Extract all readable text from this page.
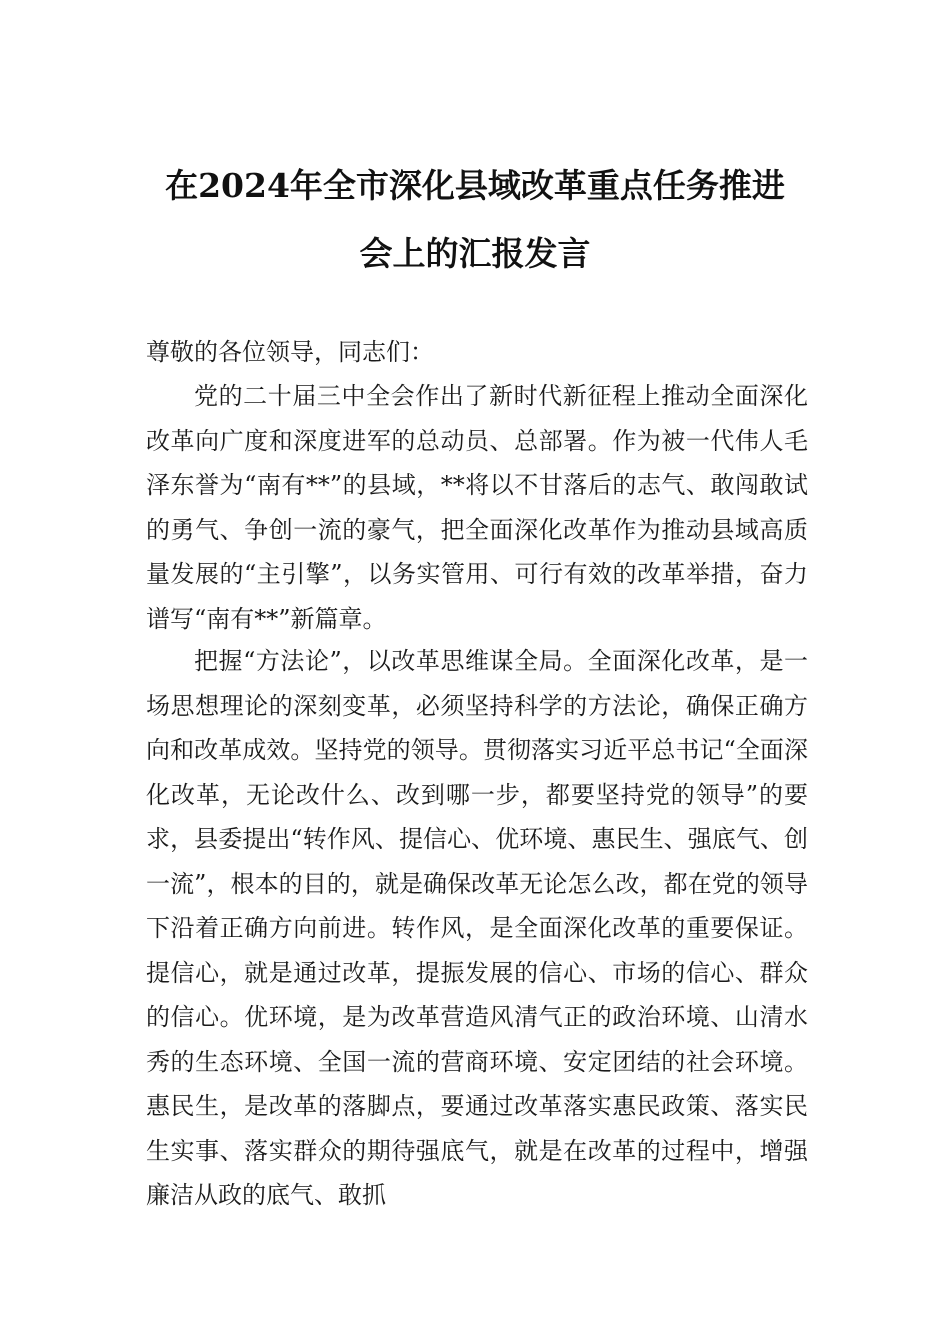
在2024年全市深化县域改革重点任务推进
会上的汇报发言
尊敬的各位领导，同志们：
党的二十届三中全会作出了新时代新征程上推动全面深化改革向广度和深度进军的总动员、总部署。作为被一代伟人毛泽东誉为“南有**”的县域，**将以不甘落后的志气、敢闯敢试的勇气、争创一流的豪气，把全面深化改革作为推动县域高质量发展的“主引擎”，以务实管用、可行有效的改革举措，奋力谱写“南有**”新篇章。
把握“方法论”，以改革思维谋全局。全面深化改革，是一场思想理论的深刻变革，必须坚持科学的方法论，确保正确方向和改革成效。坚持党的领导。贯彻落实习近平总书记“全面深化改革，无论改什么、改到哪一步，都要坚持党的领导”的要求，县委提出“转作风、提信心、优环境、惠民生、强底气、创一流”，根本的目的，就是确保改革无论怎么改，都在党的领导下沿着正确方向前进。转作风，是全面深化改革的重要保证。提信心，就是通过改革，提振发展的信心、市场的信心、群众的信心。优环境，是为改革营造风清气正的政治环境、山清水秀的生态环境、全国一流的营商环境、安定团结的社会环境。惠民生，是改革的落脚点，要通过改革落实惠民政策、落实民生实事、落实群众的期待强底气，就是在改革的过程中，增强廉洁从政的底气、敢抓
